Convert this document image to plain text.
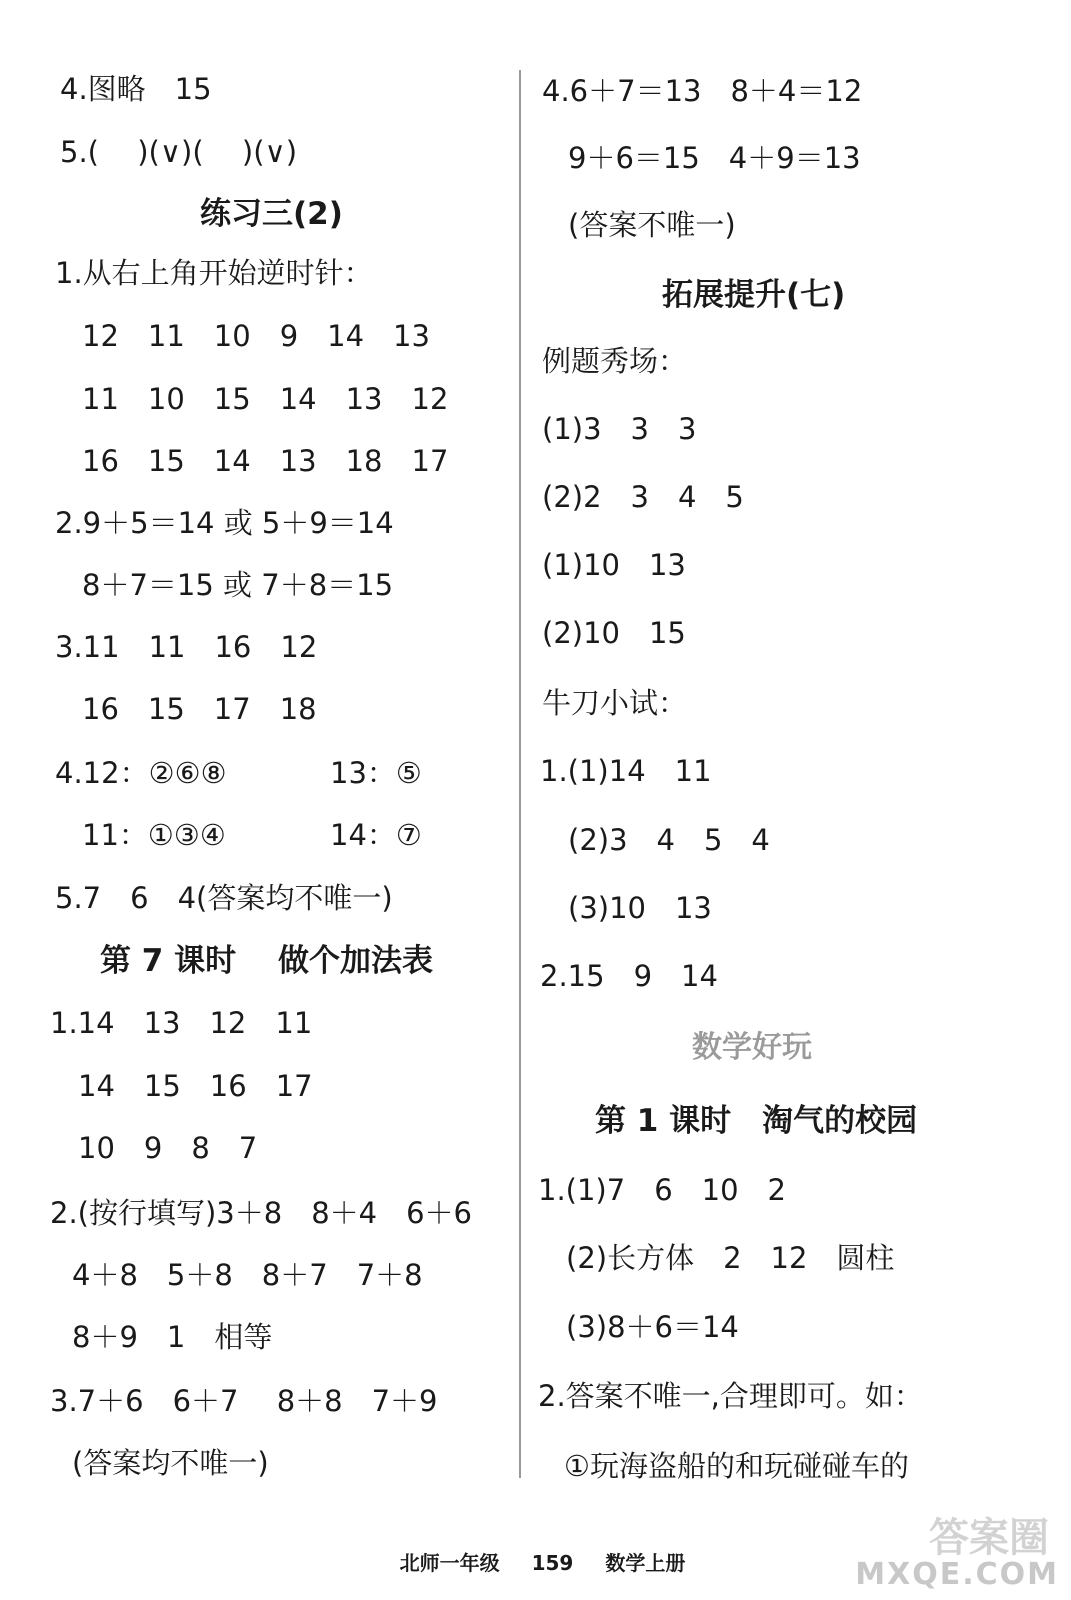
4.图略　15
5.(　 )(∨)(　 )(∨)
练习三(2)
1.从右上角开始逆时针：
12　11　10　9　14　13
11　10　15　14　13　12
16　15　14　13　18　17
2.9＋5＝14 或 5＋9＝14
8＋7＝15 或 7＋8＝15
3.11　11　16　12
16　15　17　18
4.12：②⑥⑧	13：⑤
11：①③④	14：⑦
5.7　6　4(答案均不唯一)
第 7 课时　 做个加法表
1.14　13　12　11
14　15　16　17
10　9　8　7
2.(按行填写)3＋8　8＋4　6＋6
4＋8　5＋8　8＋7　7＋8
8＋9　1　相等
3.7＋6　6＋7　 8＋8　7＋9
(答案均不唯一)
4.6＋7＝13　8＋4＝12
9＋6＝15　4＋9＝13
(答案不唯一)
拓展提升(七)
例题秀场：
(1)3　3　3
(2)2　3　4　5
(1)10　13
(2)10　15
牛刀小试：
1.(1)14　11
(2)3　4　5　4
(3)10　13
2.15　9　14
数学好玩
第 1 课时　淘气的校园
1.(1)7　6　10　2
(2)长方体　2　12　圆柱
(3)8＋6＝14
2.答案不唯一,合理即可。如：
①玩海盗船的和玩碰碰车的

北师一年级 159 数学上册

答案圈
MXQE.COM
